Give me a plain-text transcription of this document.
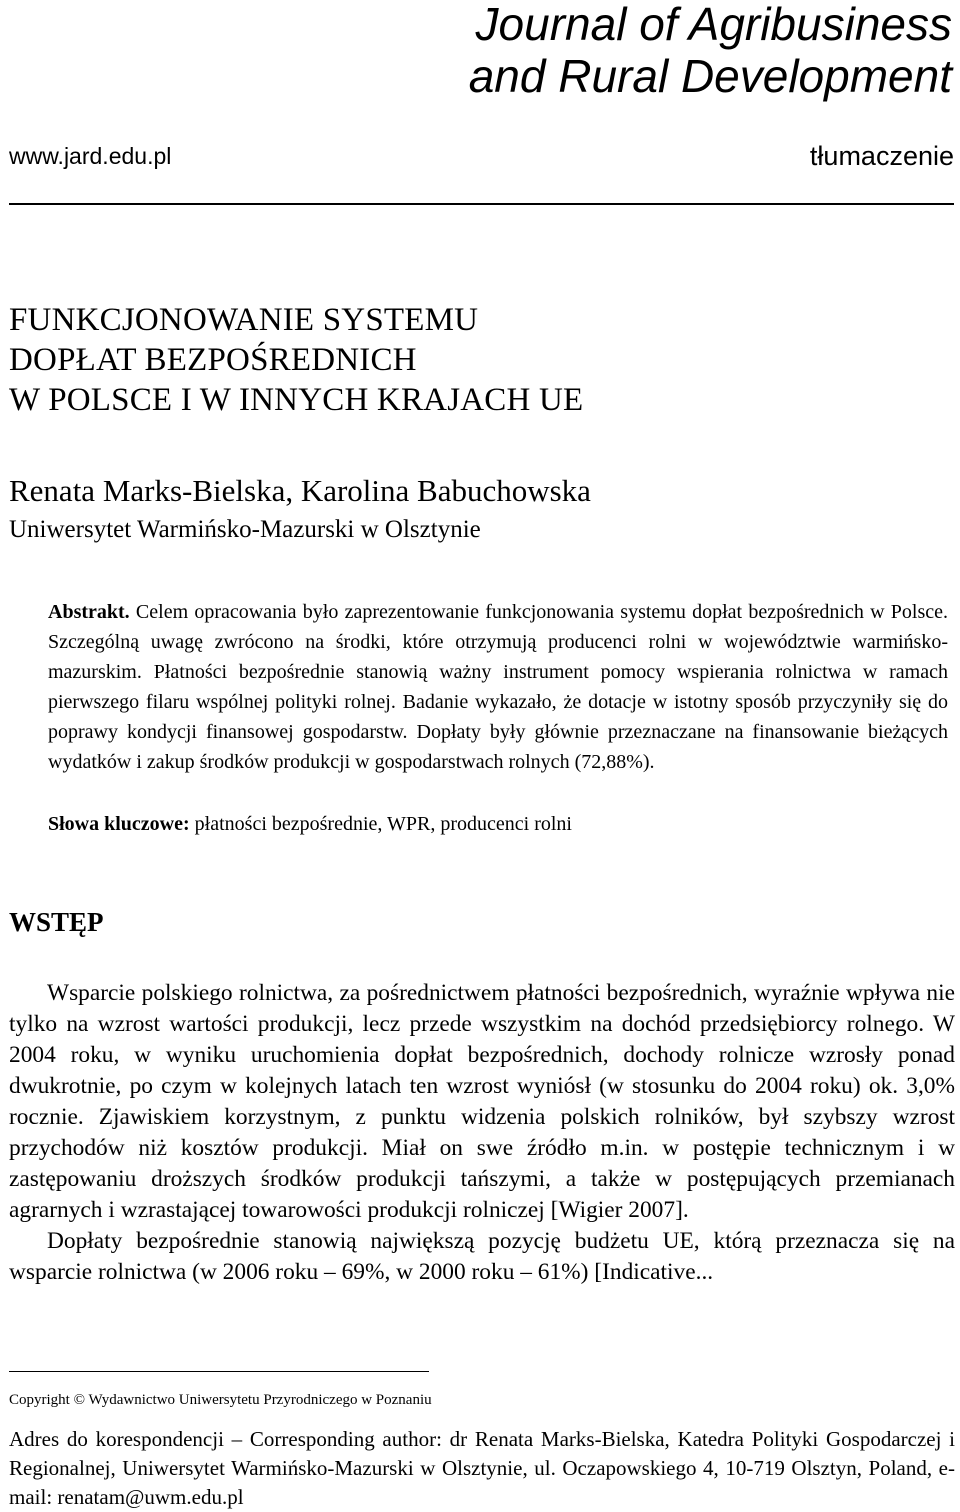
Journal of Agribusiness
and Rural Development
www.jard.edu.pl	tłumaczenie
FUNKCJONOWANIE SYSTEMU
DOPŁAT BEZPOŚREDNICH
W POLSCE I W INNYCH KRAJACH UE
Renata Marks-Bielska, Karolina Babuchowska
Uniwersytet Warmińsko-Mazurski w Olsztynie

Abstrakt. Celem opracowania było zaprezentowanie funkcjonowania systemu dopłat bezpośrednich w Polsce. Szczególną uwagę zwrócono na środki, które otrzymują producenci rolni w województwie warmińsko-mazurskim. Płatności bezpośrednie stanowią ważny instrument pomocy wspierania rolnictwa w ramach pierwszego filaru wspólnej polityki rolnej. Badanie wykazało, że dotacje w istotny sposób przyczyniły się do poprawy kondycji finansowej gospodarstw. Dopłaty były głównie przeznaczane na finansowanie bieżących wydatków i zakup środków produkcji w gospodarstwach rolnych (72,88%).

Słowa kluczowe: płatności bezpośrednie, WPR, producenci rolni
WSTĘP

Wsparcie polskiego rolnictwa, za pośrednictwem płatności bezpośrednich, wyraźnie wpływa nie tylko na wzrost wartości produkcji, lecz przede wszystkim na dochód przedsiębiorcy rolnego. W 2004 roku, w wyniku uruchomienia dopłat bezpośrednich, dochody rolnicze wzrosły ponad dwukrotnie, po czym w kolejnych latach ten wzrost wyniósł (w stosunku do 2004 roku) ok. 3,0% rocznie. Zjawiskiem korzystnym, z punktu widzenia polskich rolników, był szybszy wzrost przychodów niż kosztów produkcji. Miał on swe źródło m.in. w postępie technicznym i w zastępowaniu droższych środków produkcji tańszymi, a także w postępujących przemianach agrarnych i wzrastającej towarowości produkcji rolniczej [Wigier 2007].

Dopłaty bezpośrednie stanowią największą pozycję budżetu UE, którą przeznacza się na wsparcie rolnictwa (w 2006 roku – 69%, w 2000 roku – 61%) [Indicative...

Copyright © Wydawnictwo Uniwersytetu Przyrodniczego w Poznaniu

Adres do korespondencji – Corresponding author: dr Renata Marks-Bielska, Katedra Polityki Gospodarczej i Regionalnej, Uniwersytet Warmińsko-Mazurski w Olsztynie, ul. Oczapowskiego 4, 10-719 Olsztyn, Poland, e-mail: renatam@uwm.edu.pl
